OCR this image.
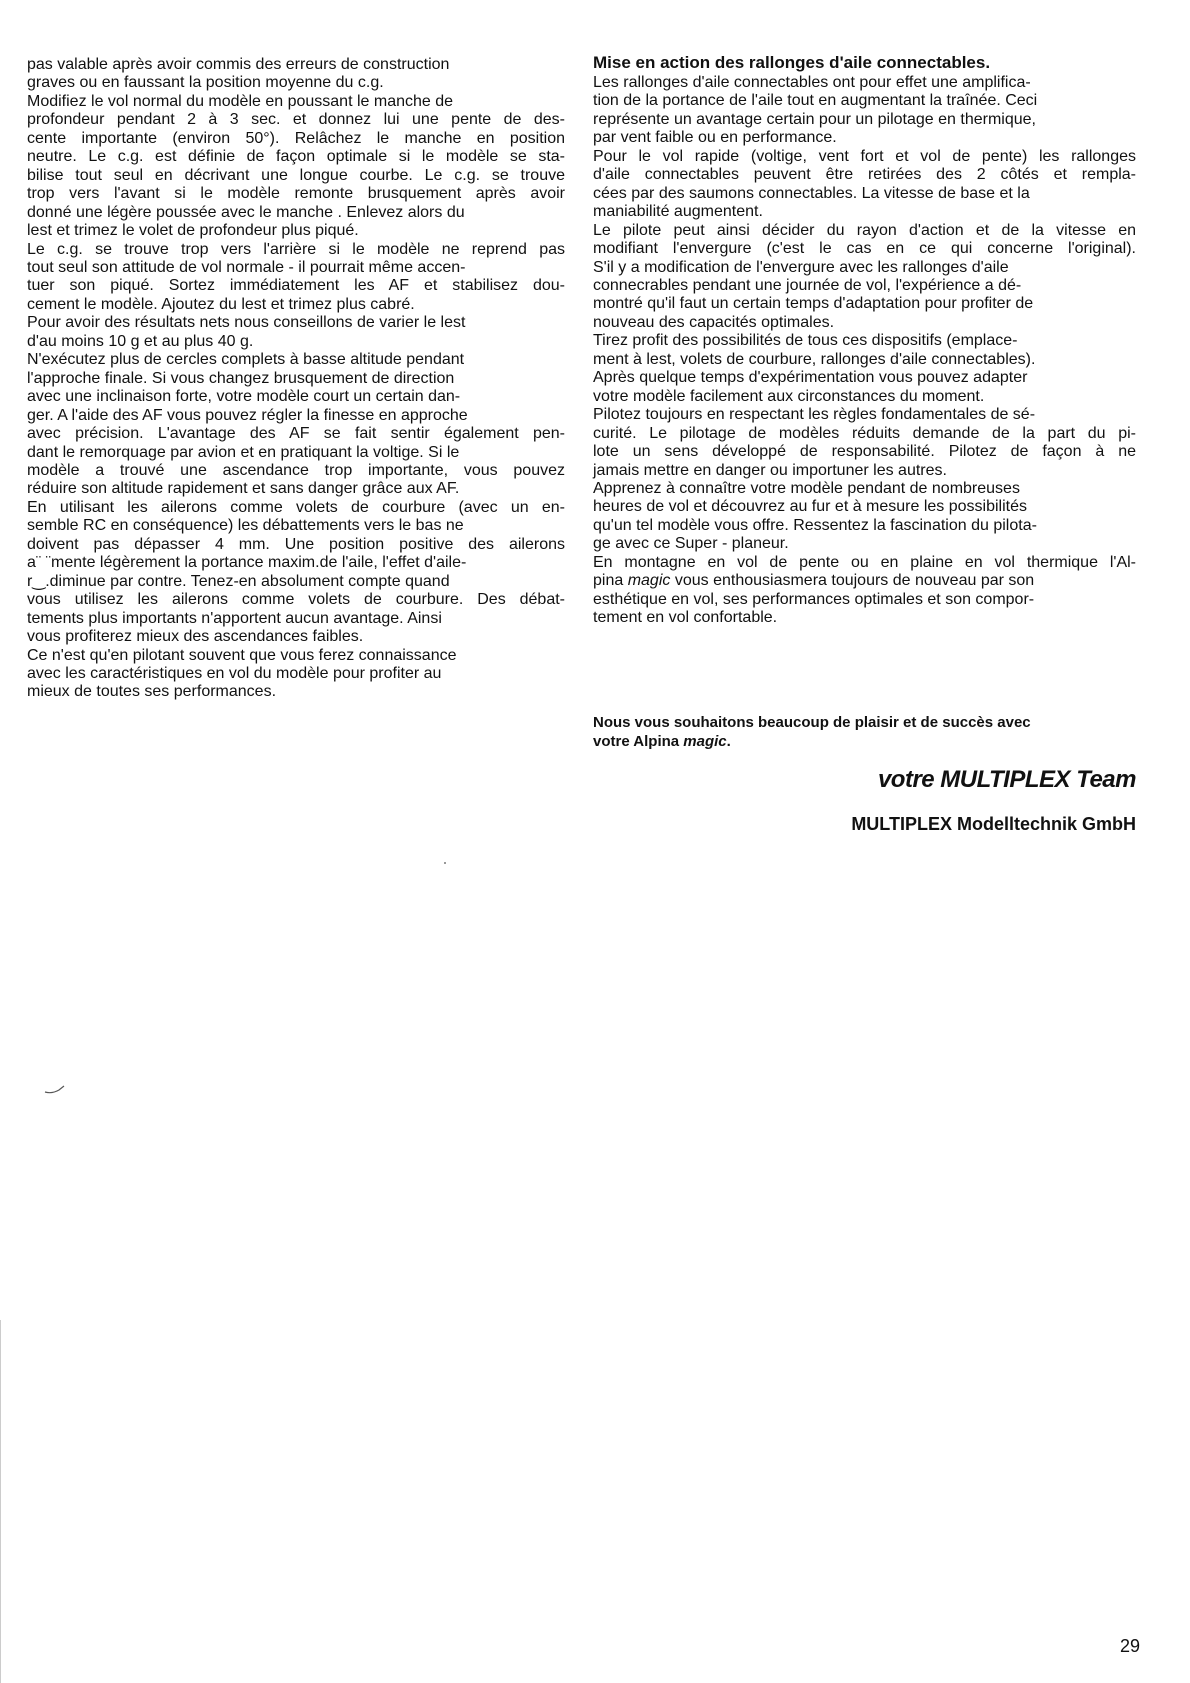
pas valable après avoir commis des erreurs de construction
graves ou en faussant la position moyenne du c.g.
Modifiez le vol normal du modèle en poussant le manche de
profondeur pendant 2 à 3 sec. et donnez lui une pente de des-
cente importante (environ 50°). Relâchez le manche en position
neutre. Le c.g. est définie de façon optimale si le modèle se sta-
bilise tout seul en décrivant une longue courbe. Le c.g. se trouve
trop vers l'avant si le modèle remonte brusquement après avoir
donné une légère poussée avec le manche . Enlevez alors du
lest et trimez le volet de profondeur plus piqué.
Le c.g. se trouve trop vers l'arrière si le modèle ne reprend pas
tout seul son attitude de vol normale - il pourrait même accen-
tuer son piqué. Sortez immédiatement les AF et stabilisez dou-
cement le modèle. Ajoutez du lest et trimez plus cabré.
Pour avoir des résultats nets nous conseillons de varier le lest
d'au moins 10 g et au plus 40 g.
N'exécutez plus de cercles complets à basse altitude pendant
l'approche finale. Si vous changez brusquement de direction
avec une inclinaison forte, votre modèle court un certain dan-
ger. A l'aide des AF vous pouvez régler la finesse en approche
avec précision. L'avantage des AF se fait sentir également pen-
dant le remorquage par avion et en pratiquant la voltige. Si le
modèle a trouvé une ascendance trop importante, vous pouvez
réduire son altitude rapidement et sans danger grâce aux AF.
En utilisant les ailerons comme volets de courbure (avec un en-
semble RC en conséquence) les débattements vers le bas ne
doivent pas dépasser 4 mm. Une position positive des ailerons
a¨ ¨mente légèrement la portance maxim.de l'aile, l'effet d'aile-
r‿.diminue par contre. Tenez-en absolument compte quand
vous utilisez les ailerons comme volets de courbure. Des débat-
tements plus importants n'apportent aucun avantage. Ainsi
vous profiterez mieux des ascendances faibles.
Ce n'est qu'en pilotant souvent que vous ferez connaissance
avec les caractéristiques en vol du modèle pour profiter au
mieux de toutes ses performances.
Mise en action des rallonges d'aile connectables.
Les rallonges d'aile connectables ont pour effet une amplifica-
tion de la portance de l'aile tout en augmentant la traînée. Ceci
représente un avantage certain pour un pilotage en thermique,
par vent faible ou en performance.
Pour le vol rapide (voltige, vent fort et vol de pente) les rallonges
d'aile connectables peuvent être retirées des 2 côtés et rempla-
cées par des saumons connectables. La vitesse de base et la
maniabilité augmentent.
Le pilote peut ainsi décider du rayon d'action et de la vitesse en
modifiant l'envergure (c'est le cas en ce qui concerne l'original).
S'il y a modification de l'envergure avec les rallonges d'aile
connecrables pendant une journée de vol, l'expérience a dé-
montré qu'il faut un certain temps d'adaptation pour profiter de
nouveau des capacités optimales.
Tirez profit des possibilités de tous ces dispositifs (emplace-
ment à lest, volets de courbure, rallonges d'aile connectables).
Après quelque temps d'expérimentation vous pouvez adapter
votre modèle facilement aux circonstances du moment.
Pilotez toujours en respectant les règles fondamentales de sé-
curité. Le pilotage de modèles réduits demande de la part du pi-
lote un sens développé de responsabilité. Pilotez de façon à ne
jamais mettre en danger ou importuner les autres.
Apprenez à connaître votre modèle pendant de nombreuses
heures de vol et découvrez au fur et à mesure les possibilités
qu'un tel modèle vous offre. Ressentez la fascination du pilota-
ge avec ce Super - planeur.
En montagne en vol de pente ou en plaine en vol thermique l'Al-
pina magic vous enthousiasmera toujours de nouveau par son
esthétique en vol, ses performances optimales et son compor-
tement en vol confortable.
Nous vous souhaitons beaucoup de plaisir et de succès avec
votre Alpina magic.
votre MULTIPLEX Team
MULTIPLEX Modelltechnik GmbH
29
